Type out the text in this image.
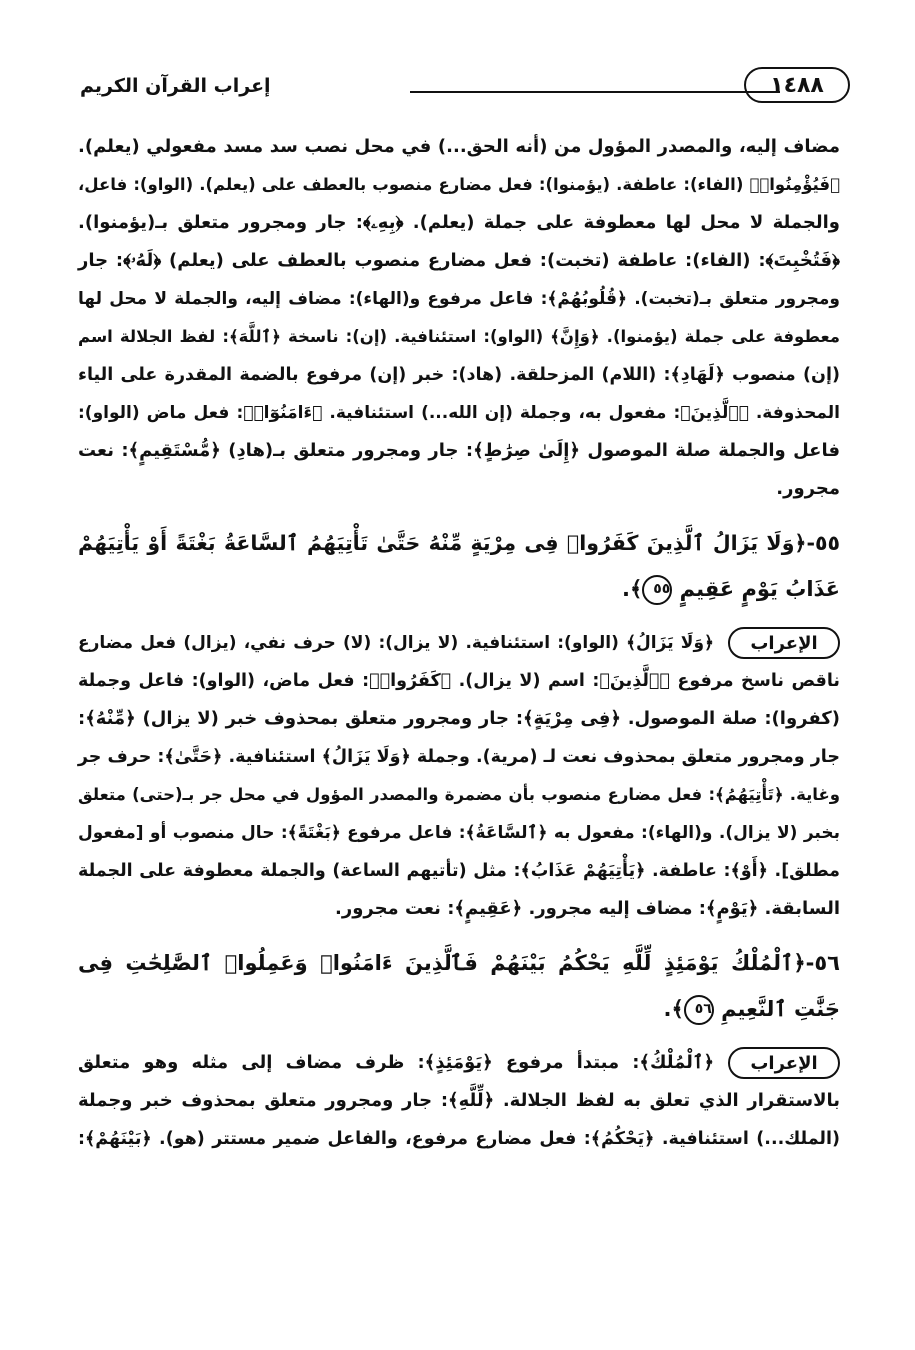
إعراب القرآن الكريم	١٤٨٨
مضاف إليه، والمصدر المؤول من (أنه الحق...) في محل نصب سد مسد مفعولي (يعلم).
﴿فَيُؤْمِنُوا۟﴾ (الفاء): عاطفة. (يؤمنوا): فعل مضارع منصوب بالعطف على (يعلم). (الواو): فاعل،
والجملة لا محل لها معطوفة على جملة (يعلم). ﴿بِهِۦ﴾: جار ومجرور متعلق بـ(يؤمنوا).
﴿فَتُخْبِتَ﴾: (الفاء): عاطفة (تخبت): فعل مضارع منصوب بالعطف على (يعلم) ﴿لَهُۥ﴾: جار
ومجرور متعلق بـ(تخبت). ﴿قُلُوبُهُمْ﴾: فاعل مرفوع و(الهاء): مضاف إليه، والجملة لا محل لها
معطوفة على جملة (يؤمنوا). ﴿وَإِنَّ﴾ (الواو): استئنافية. (إن): ناسخة ﴿ٱللَّهَ﴾: لفظ الجلالة اسم
(إن) منصوب ﴿لَهَادِ﴾: (اللام) المزحلقة. (هاد): خبر (إن) مرفوع بالضمة المقدرة على الياء
المحذوفة. ﴿ٱلَّذِينَ﴾: مفعول به، وجملة (إن الله...) استئنافية. ﴿ءَامَنُوٓا۟﴾: فعل ماض (الواو):
فاعل والجملة صلة الموصول ﴿إِلَىٰ صِرَٰطٍ﴾: جار ومجرور متعلق بـ(هادِ) ﴿مُّسْتَقِيمٍ﴾: نعت
مجرور.
٥٥-﴿وَلَا يَزَالُ ٱلَّذِينَ كَفَرُوا۟ فِى مِرْيَةٍ مِّنْهُ حَتَّىٰ تَأْتِيَهُمُ ٱلسَّاعَةُ بَغْتَةً أَوْ يَأْتِيَهُمْ
عَذَابُ يَوْمٍ عَقِيمٍ ٥٥﴾.
الإعراب
﴿وَلَا يَزَالُ﴾ (الواو): استئنافية. (لا يزال): (لا) حرف نفي، (يزال) فعل مضارع
ناقص ناسخ مرفوع ﴿ٱلَّذِينَ﴾: اسم (لا يزال). ﴿كَفَرُوا۟﴾: فعل ماض، (الواو): فاعل وجملة
(كفروا): صلة الموصول. ﴿فِى مِرْيَةٍ﴾: جار ومجرور متعلق بمحذوف خبر (لا يزال) ﴿مِّنْهُ﴾:
جار ومجرور متعلق بمحذوف نعت لـ (مرية). وجملة ﴿وَلَا يَزَالُ﴾ استئنافية. ﴿حَتَّىٰ﴾: حرف جر
وغاية. ﴿تَأْتِيَهُمُ﴾: فعل مضارع منصوب بأن مضمرة والمصدر المؤول في محل جر بـ(حتى) متعلق
بخبر (لا يزال). و(الهاء): مفعول به ﴿ٱلسَّاعَةُ﴾: فاعل مرفوع ﴿بَغْتَةً﴾: حال منصوب أو [مفعول
مطلق]. ﴿أَوْ﴾: عاطفة. ﴿يَأْتِيَهُمْ عَذَابُ﴾: مثل (تأتيهم الساعة) والجملة معطوفة على الجملة
السابقة. ﴿يَوْمٍ﴾: مضاف إليه مجرور. ﴿عَقِيمٍ﴾: نعت مجرور.
٥٦-﴿ٱلْمُلْكُ يَوْمَئِذٍ لِّلَّهِ يَحْكُمُ بَيْنَهُمْ فَٱلَّذِينَ ءَامَنُوا۟ وَعَمِلُوا۟ ٱلصَّٰلِحَٰتِ فِى
جَنَّٰتِ ٱلنَّعِيمِ ٥٦﴾.
الإعراب
﴿ٱلْمُلْكُ﴾: مبتدأ مرفوع ﴿يَوْمَئِذٍ﴾: ظرف مضاف إلى مثله وهو متعلق
بالاستقرار الذي تعلق به لفظ الجلالة. ﴿لِّلَّهِ﴾: جار ومجرور متعلق بمحذوف خبر وجملة
(الملك...) استئنافية. ﴿يَحْكُمُ﴾: فعل مضارع مرفوع، والفاعل ضمير مستتر (هو). ﴿بَيْنَهُمْ﴾:
